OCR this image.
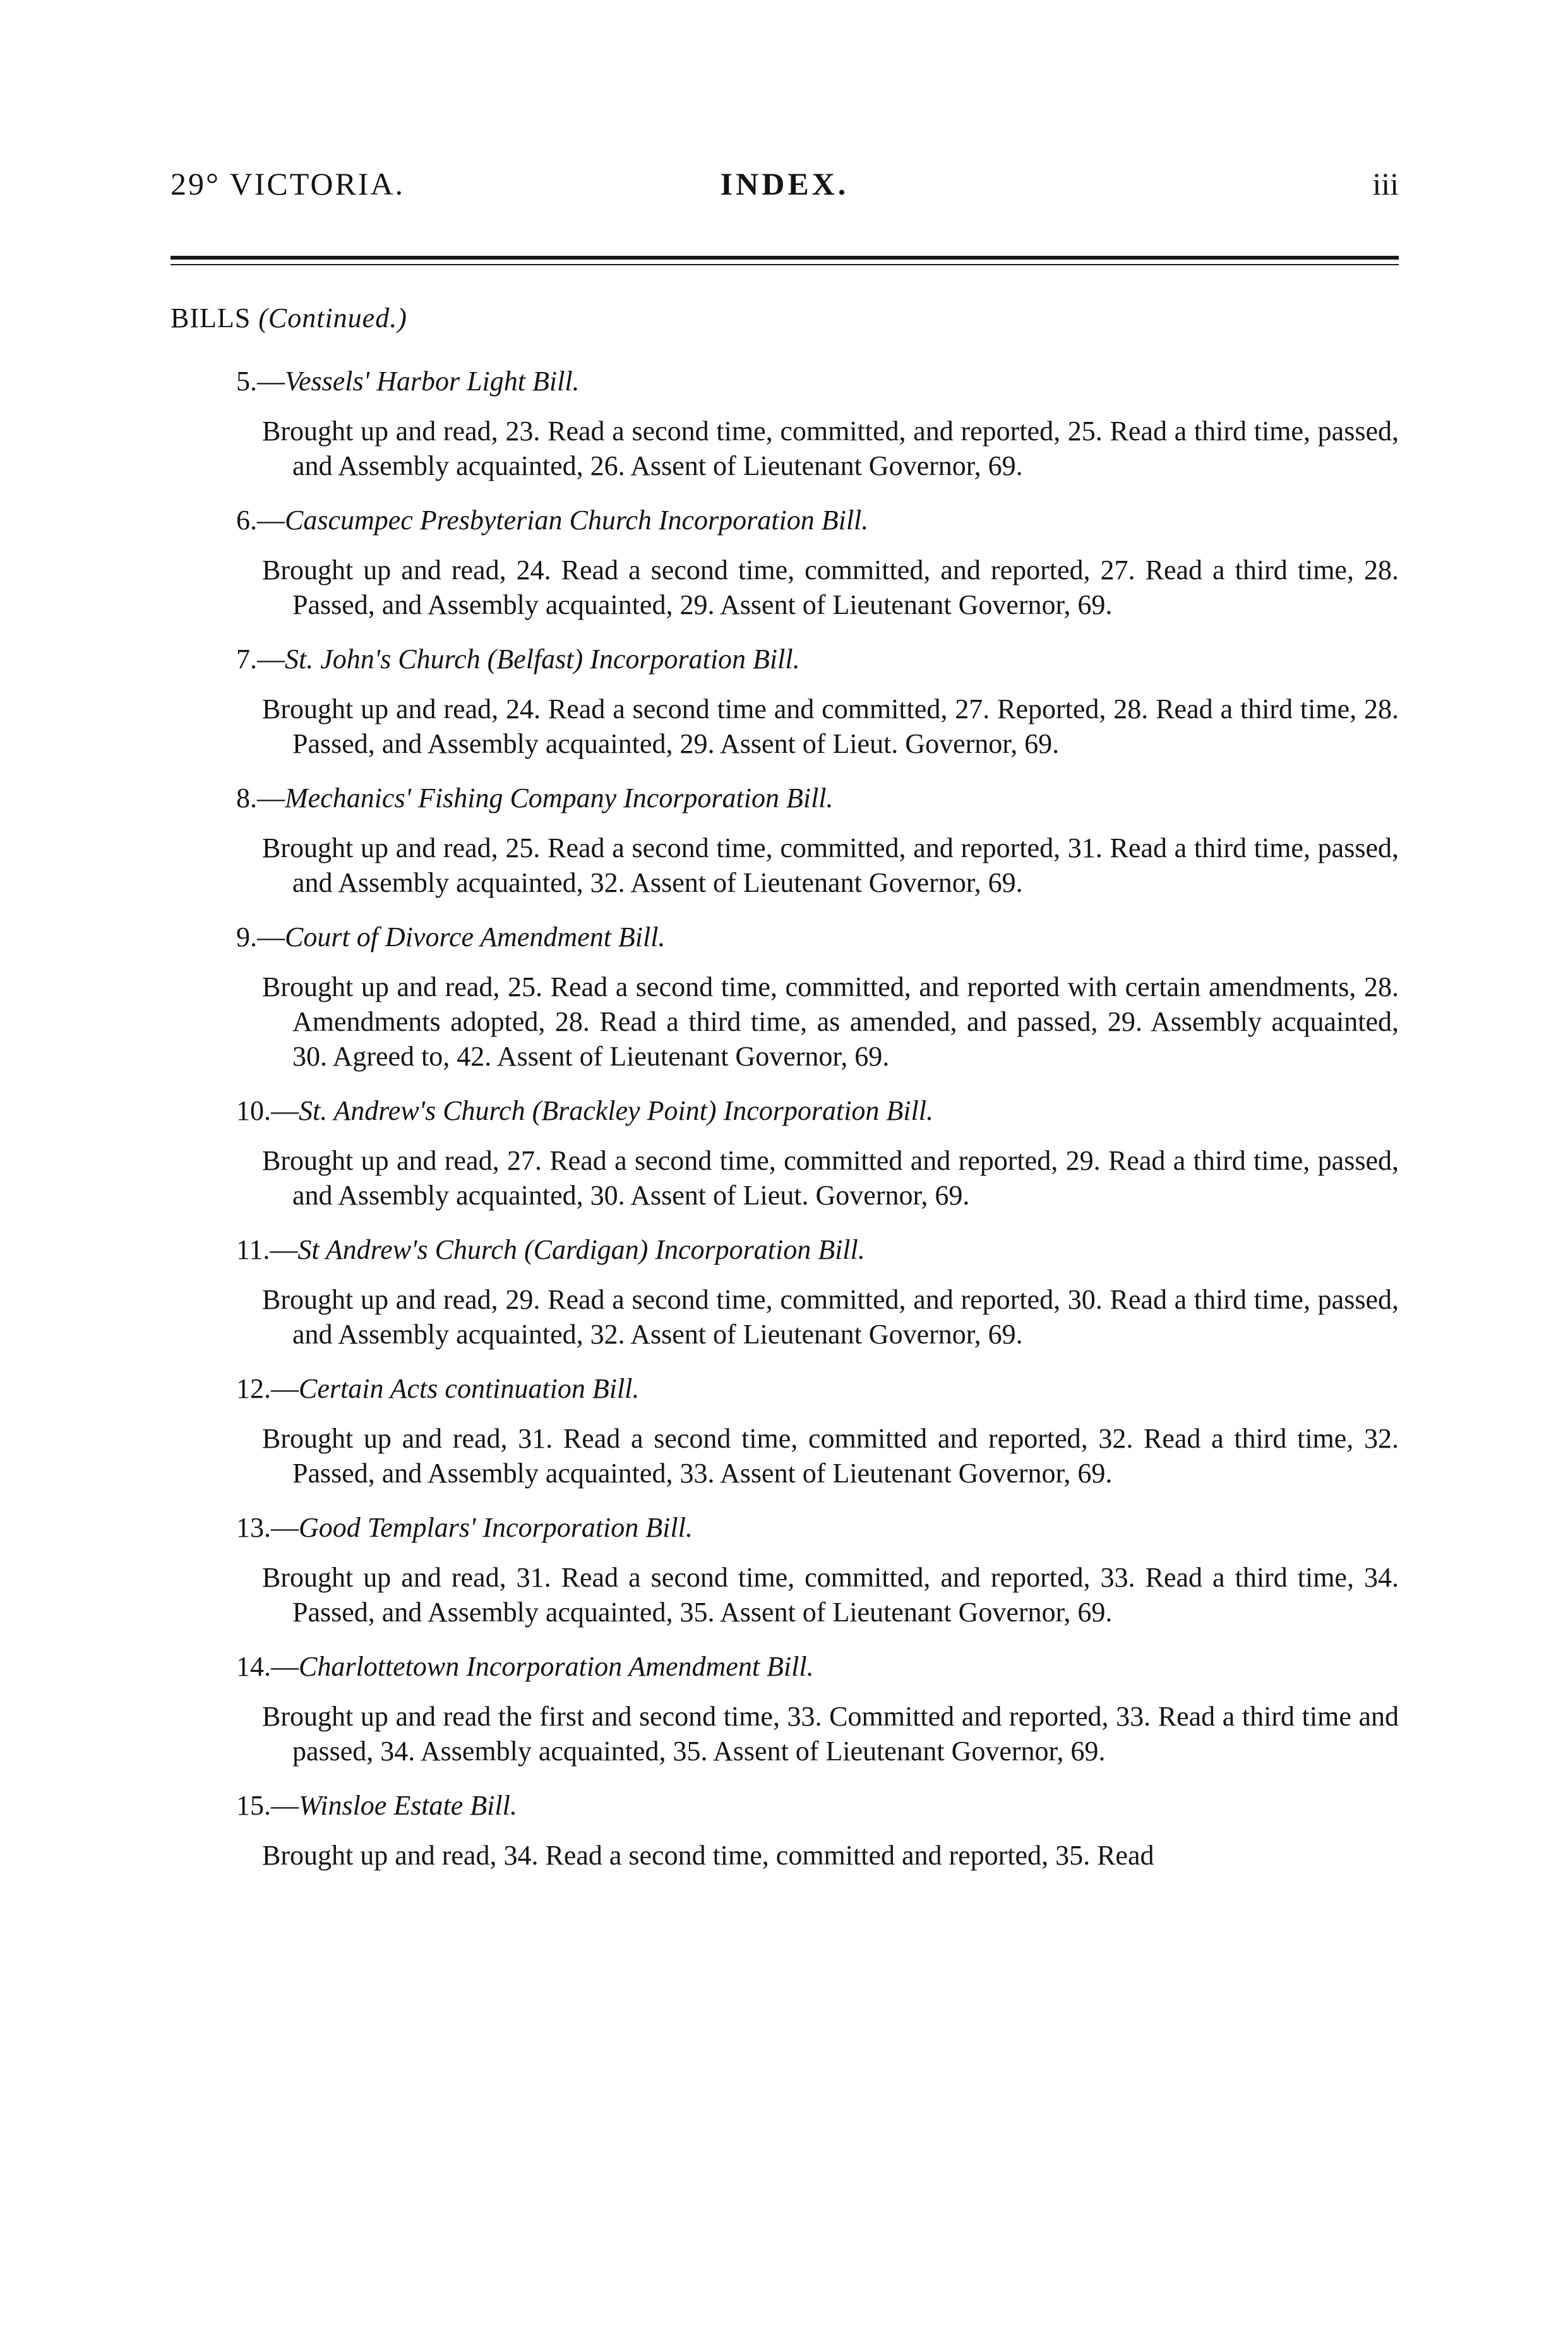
29° VICTORIA.	INDEX.	iii
BILLS (Continued.)
5.—Vessels' Harbor Light Bill.
Brought up and read, 23. Read a second time, committed, and reported, 25. Read a third time, passed, and Assembly acquainted, 26. Assent of Lieutenant Governor, 69.
6.—Cascumpec Presbyterian Church Incorporation Bill.
Brought up and read, 24. Read a second time, committed, and reported, 27. Read a third time, 28. Passed, and Assembly acquainted, 29. Assent of Lieutenant Governor, 69.
7.—St. John's Church (Belfast) Incorporation Bill.
Brought up and read, 24. Read a second time and committed, 27. Reported, 28. Read a third time, 28. Passed, and Assembly acquainted, 29. Assent of Lieut. Governor, 69.
8.—Mechanics' Fishing Company Incorporation Bill.
Brought up and read, 25. Read a second time, committed, and reported, 31. Read a third time, passed, and Assembly acquainted, 32. Assent of Lieutenant Governor, 69.
9.—Court of Divorce Amendment Bill.
Brought up and read, 25. Read a second time, committed, and reported with certain amendments, 28. Amendments adopted, 28. Read a third time, as amended, and passed, 29. Assembly acquainted, 30. Agreed to, 42. Assent of Lieutenant Governor, 69.
10.—St. Andrew's Church (Brackley Point) Incorporation Bill.
Brought up and read, 27. Read a second time, committed and reported, 29. Read a third time, passed, and Assembly acquainted, 30. Assent of Lieut. Governor, 69.
11.—St Andrew's Church (Cardigan) Incorporation Bill.
Brought up and read, 29. Read a second time, committed, and reported, 30. Read a third time, passed, and Assembly acquainted, 32. Assent of Lieutenant Governor, 69.
12.—Certain Acts continuation Bill.
Brought up and read, 31. Read a second time, committed and reported, 32. Read a third time, 32. Passed, and Assembly acquainted, 33. Assent of Lieutenant Governor, 69.
13.—Good Templars' Incorporation Bill.
Brought up and read, 31. Read a second time, committed, and reported, 33. Read a third time, 34. Passed, and Assembly acquainted, 35. Assent of Lieutenant Governor, 69.
14.—Charlottetown Incorporation Amendment Bill.
Brought up and read the first and second time, 33. Committed and reported, 33. Read a third time and passed, 34. Assembly acquainted, 35. Assent of Lieutenant Governor, 69.
15.—Winsloe Estate Bill.
Brought up and read, 34. Read a second time, committed and reported, 35. Read
